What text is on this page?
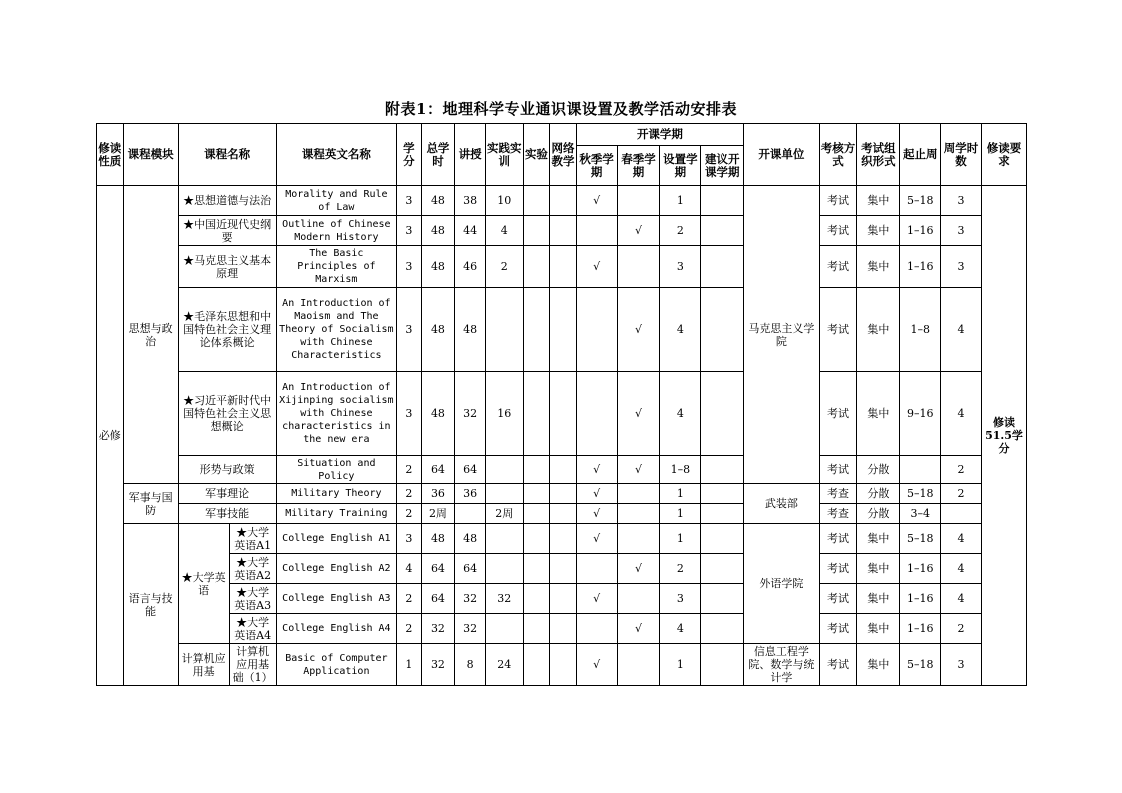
附表1：地理科学专业通识课设置及教学活动安排表
修读性质	课程模块	课程名称		课程英文名称	学分	总学时	讲授	实践实训	实验	网络教学	开课学期				开课单位	考核方式	考试组织形式	起止周	周学时数	修读要求
											秋季学期	春季学期	设置学期	建议开课学期						
必修	思想与政治	★思想道德与法治		Morality and Rule of Law	3	48	38	10			√		1		马克思主义学院	考试	集中	5–18	3	修读51.5学分
		★中国近现代史纲要		Outline of Chinese Modern History	3	48	44	4				√	2			考试	集中	1–16	3	
		★马克思主义基本原理		The Basic Principles of Marxism	3	48	46	2			√		3			考试	集中	1–16	3	
		★毛泽东思想和中国特色社会主义理论体系概论		An Introduction of Maoism and The Theory of Socialism with Chinese Characteristics	3	48	48					√	4			考试	集中	1–8	4	
		★习近平新时代中国特色社会主义思想概论		An Introduction of Xijinping socialism with Chinese characteristics in the new era	3	48	32	16				√	4			考试	集中	9–16	4	
		形势与政策		Situation and Policy	2	64	64				√	√	1–8			考试	分散		2	
	军事与国防	军事理论		Military Theory	2	36	36				√		1		武装部	考查	分散	5–18	2	
		军事技能		Military Training	2	2周		2周			√		1			考查	分散	3–4		
	语言与技能	★大学英语	★大学英语A1	College English A1	3	48	48				√		1		外语学院	考试	集中	5–18	4	
			★大学英语A2	College English A2	4	64	64					√	2			考试	集中	1–16	4	
			★大学英语A3	College English A3	2	64	32	32			√		3			考试	集中	1–16	4	
			★大学英语A4	College English A4	2	32	32					√	4			考试	集中	1–16	2	
		计算机应用基	计算机应用基础（1）	Basic of Computer Application	1	32	8	24			√		1		信息工程学院、数学与统计学	考试	集中	5–18	3	
